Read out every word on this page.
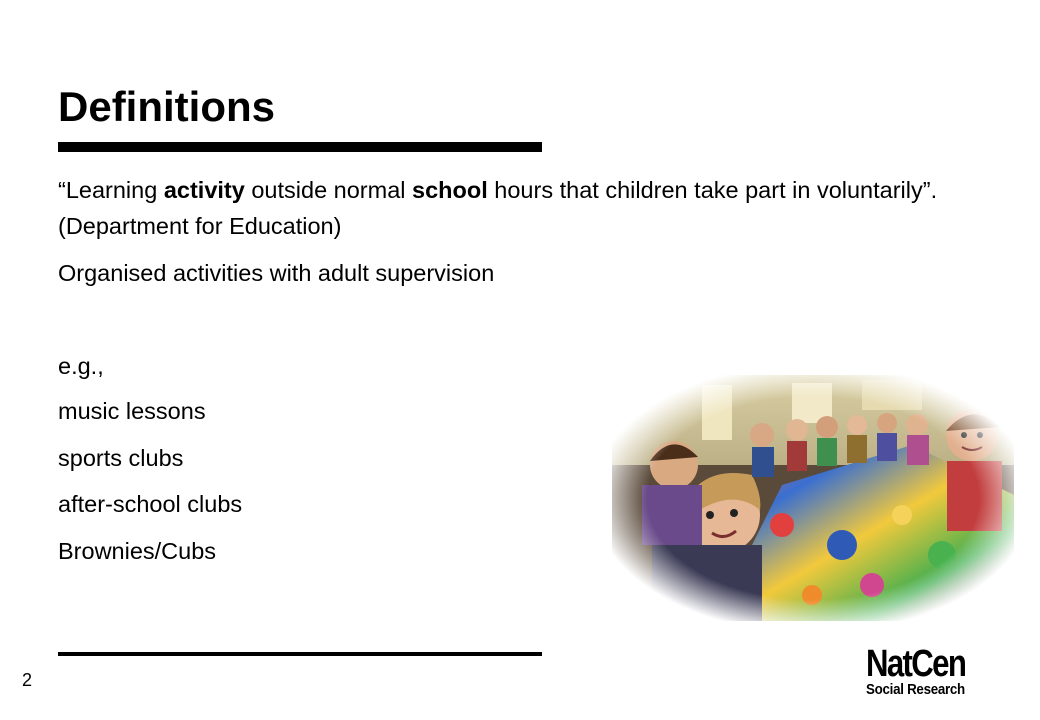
Definitions

“Learning activity outside normal school hours that children take part in voluntarily”. (Department for Education)

Organised activities with adult supervision

e.g.,

music lessons

sports clubs

after-school clubs

Brownies/Cubs

2	NatCen
Social Research
